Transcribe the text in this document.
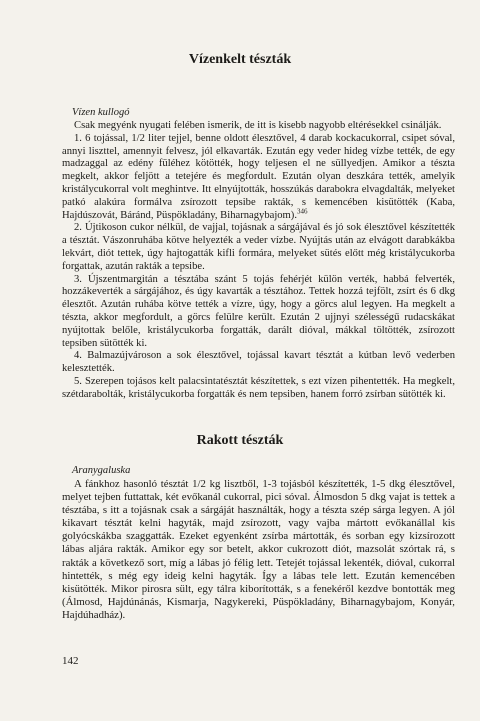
Vízenkelt tészták
Vízen kullogó

Csak megyénk nyugati felében ismerik, de itt is kisebb nagyobb eltérésekkel csinálják.

1. 6 tojással, 1/2 liter tejjel, benne oldott élesztővel, 4 darab kockacukorral, csipet sóval, annyi liszttel, amennyit felvesz, jól elkavarták. Ezután egy veder hideg vízbe tették, de egy madzaggal az edény füléhez kötötték, hogy teljesen el ne süllyedjen. Amikor a tészta megkelt, akkor feljött a tetejére és megfordult. Ezután olyan deszkára tették, amelyik kristálycukorral volt meghintve. Itt elnyújtották, hosszúkás darabokra elvagdalták, melyeket patkó alakúra formálva zsírozott tepsibe rakták, s kemencében kisütötték (Kaba, Hajdúszovát, Báránd, Püspökladány, Biharnagybajom).$^{346}$

2. Újtikoson cukor nélkül, de vajjal, tojásnak a sárgájával és jó sok élesztővel készítették a tésztát. Vászonruhába kötve helyezték a veder vízbe. Nyújtás után az elvágott darabkákba lekvárt, diót tettek, úgy hajtogatták kifli formára, melyeket sütés előtt még kristálycukorba forgattak, azután rakták a tepsibe.

3. Újszentmargitán a tésztába szánt 5 tojás fehérjét külön verték, habbá felverték, hozzákeverték a sárgájához, és úgy kavarták a tésztához. Tettek hozzá tejfölt, zsírt és 6 dkg élesztőt. Azután ruhába kötve tették a vízre, úgy, hogy a görcs alul legyen. Ha megkelt a tészta, akkor megfordult, a görcs felülre került. Ezután 2 ujjnyi szélességű rudacskákat nyújtottak belőle, kristálycukorba forgatták, darált dióval, mákkal töltötték, zsírozott tepsiben sütötték ki.

4. Balmazújvároson a sok élesztővel, tojással kavart tésztát a kútban levő vederben kelesztették.

5. Szerepen tojásos kelt palacsintatésztát készítettek, s ezt vízen pihentették. Ha megkelt, szétdarabolták, kristálycukorba forgatták és nem tepsiben, hanem forró zsírban sütötték ki.

Rakott tészták
Aranygaluska

A fánkhoz hasonló tésztát 1/2 kg lisztből, 1-3 tojásból készítették, 1-5 dkg élesztővel, melyet tejben futtattak, két evőkanál cukorral, pici sóval. Álmosdon 5 dkg vajat is tettek a tésztába, s itt a tojásnak csak a sárgáját használták, hogy a tészta szép sárga legyen. A jól kikavart tésztát kelni hagyták, majd zsírozott, vagy vajba mártott evőkanállal kis golyócskákba szaggatták. Ezeket egyenként zsírba mártották, és sorban egy kizsírozott lábas aljára rakták. Amikor egy sor betelt, akkor cukrozott diót, mazsolát szórtak rá, s rakták a következő sort, míg a lábas jó félig lett. Tetejét tojással lekenték, dióval, cukorral hintették, s még egy ideig kelni hagyták. Így a lábas tele lett. Ezután kemencében kisütötték. Mikor pirosra sült, egy tálra kiborították, s a fenekéről kezdve bontották meg (Álmosd, Hajdúnánás, Kismarja, Nagykereki, Püspökladány, Biharnagybajom, Konyár, Hajdúhadház).

142
